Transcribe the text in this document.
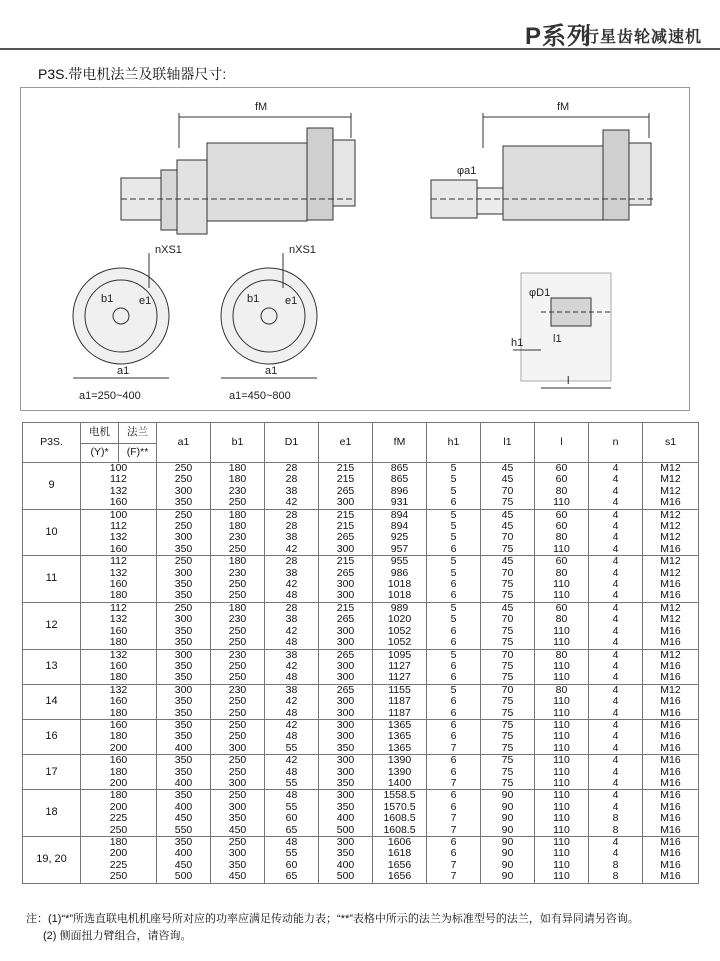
P系列
行星齿轮减速机
P3S.带电机法兰及联轴器尺寸:
fM	fM
nXS1	nXS1
b1 e1	b1 e1
a1	a1
φa1
a1=250~400	a1=450~800
φD1
l1
h1
l
P3S.	电机	法兰	a1	b1	D1	e1	fM	h1	l1	l	n	s1
	(Y)*	(F)**										
9	100		250	180	28	215	865	5	45	60	4	M12
	112		250	180	28	215	865	5	45	60	4	M12
	132		300	230	38	265	896	5	70	80	4	M12
	160		350	250	42	300	931	6	75	110	4	M16
10	100		250	180	28	215	894	5	45	60	4	M12
	112		250	180	28	215	894	5	45	60	4	M12
	132		300	230	38	265	925	5	70	80	4	M12
	160		350	250	42	300	957	6	75	110	4	M16
11	112		250	180	28	215	955	5	45	60	4	M12
	132		300	230	38	265	986	5	70	80	4	M12
	160		350	250	42	300	1018	6	75	110	4	M16
	180		350	250	48	300	1018	6	75	110	4	M16
12	112		250	180	28	215	989	5	45	60	4	M12
	132		300	230	38	265	1020	5	70	80	4	M12
	160		350	250	42	300	1052	6	75	110	4	M16
	180		350	250	48	300	1052	6	75	110	4	M16
13	132		300	230	38	265	1095	5	70	80	4	M12
	160		350	250	42	300	1127	6	75	110	4	M16
	180		350	250	48	300	1127	6	75	110	4	M16
14	132		300	230	38	265	1155	5	70	80	4	M12
	160		350	250	42	300	1187	6	75	110	4	M16
	180		350	250	48	300	1187	6	75	110	4	M16
16	160		350	250	42	300	1365	6	75	110	4	M16
	180		350	250	48	300	1365	6	75	110	4	M16
	200		400	300	55	350	1365	7	75	110	4	M16
17	160		350	250	42	300	1390	6	75	110	4	M16
	180		350	250	48	300	1390	6	75	110	4	M16
	200		400	300	55	350	1400	7	75	110	4	M16
18	180		350	250	48	300	1558.5	6	90	110	4	M16
	200		400	300	55	350	1570.5	6	90	110	4	M16
	225		450	350	60	400	1608.5	7	90	110	8	M16
	250		550	450	65	500	1608.5	7	90	110	8	M16
19, 20	180		350	250	48	300	1606	6	90	110	4	M16
	200		400	300	55	350	1618	6	90	110	4	M16
	225		450	350	60	400	1656	7	90	110	8	M16
	250		500	450	65	500	1656	7	90	110	8	M16
注：(1)“*”所选直联电机机座号所对应的功率应满足传动能力表；“**”表格中所示的法兰为标准型号的法兰，如有异同请另咨询。
(2) 侧面扭力臂组合，请咨询。
